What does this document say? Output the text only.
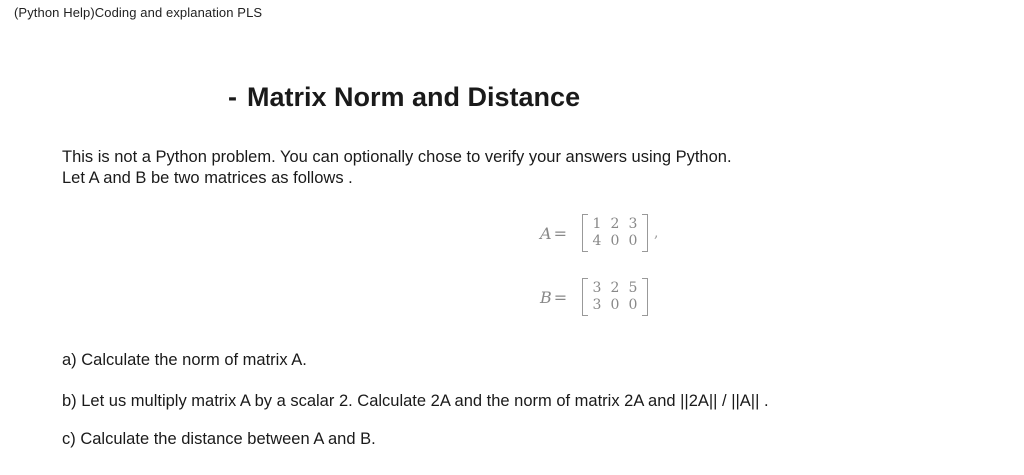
(Python Help)Coding and explanation PLS
- Matrix Norm and Distance
This is not a Python problem. You can optionally chose to verify your answers using Python.
Let A and B be two matrices as follows .
A =	1 2 3
4 0 0	,
B =	3 2 5
3 0 0
a) Calculate the norm of matrix A.
b) Let us multiply matrix A by a scalar 2. Calculate 2A and the norm of matrix 2A and ||2A|| / ||A|| .
c) Calculate the distance between A and B.
